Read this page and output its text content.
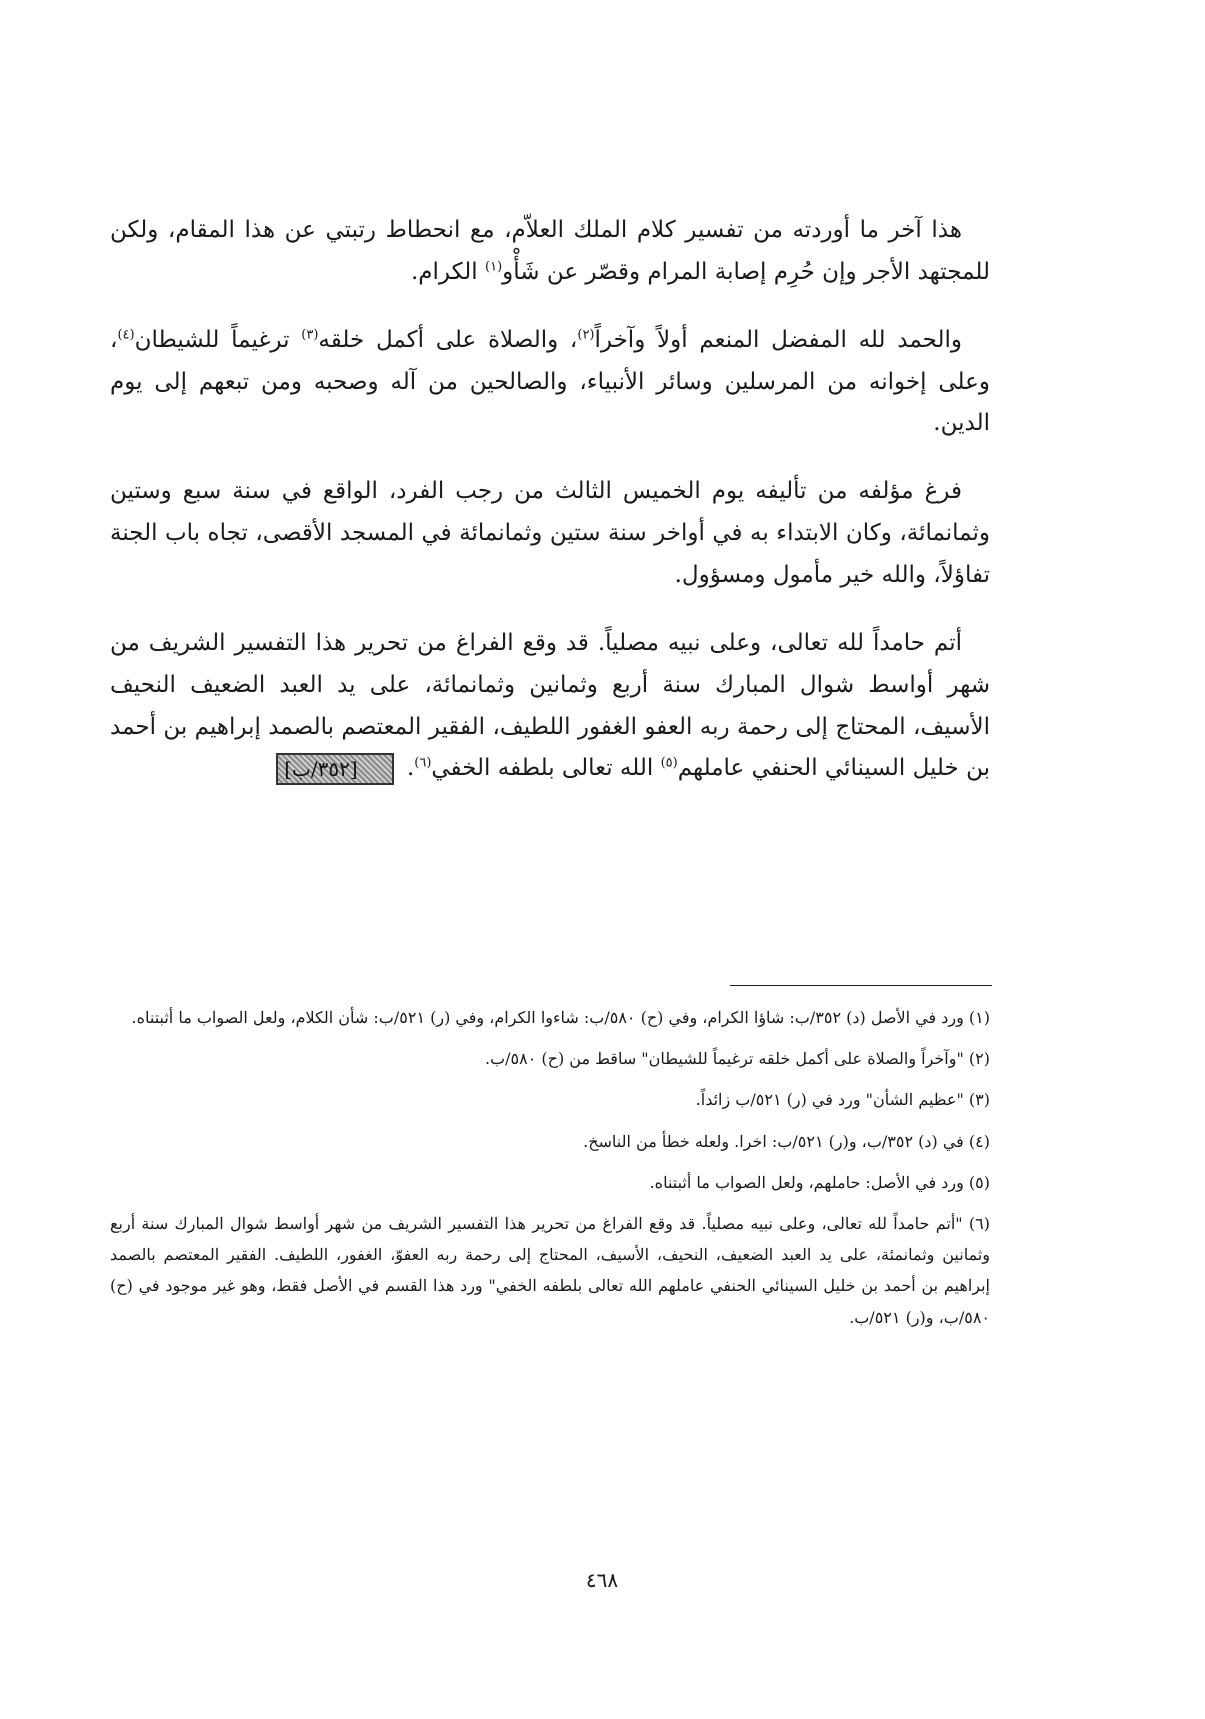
هذا آخر ما أوردته من تفسير كلام الملك العلاّم، مع انحطاط رتبتي عن هذا المقام، ولكن للمجتهد الأجر وإن حُرِم إصابة المرام وقصّر عن شَأْو$^{(١)}$ الكرام.

والحمد لله المفضل المنعم أولاً وآخراً$^{(٢)}$، والصلاة على أكمل خلقه$^{(٣)}$ ترغيماً للشيطان$^{(٤)}$، وعلى إخوانه من المرسلين وسائر الأنبياء، والصالحين من آله وصحبه ومن تبعهم إلى يوم الدين.

فرغ مؤلفه من تأليفه يوم الخميس الثالث من رجب الفرد، الواقع في سنة سبع وستين وثمانمائة، وكان الابتداء به في أواخر سنة ستين وثمانمائة في المسجد الأقصى، تجاه باب الجنة تفاؤلاً، والله خير مأمول ومسؤول.

أتم حامداً لله تعالى، وعلى نبيه مصلياً. قد وقع الفراغ من تحرير هذا التفسير الشريف من شهر أواسط شوال المبارك سنة أربع وثمانين وثمانمائة، على يد العبد الضعيف النحيف الأسيف، المحتاج إلى رحمة ربه العفو الغفور اللطيف، الفقير المعتصم بالصمد إبراهيم بن أحمد بن خليل السينائي الحنفي عاملهم$^{(٥)}$ الله تعالى بلطفه الخفي$^{(٦)}$. [٣٥٢/ب]

(١) ورد في الأصل (د) ٣٥٢/ب: شاؤا الكرام، وفي (ح) ٥٨٠/ب: شاءوا الكرام، وفي (ر) ٥٢١/ب: شأن الكلام، ولعل الصواب ما أثبتناه.

(٢) "وآخراً والصلاة على أكمل خلقه ترغيماً للشيطان" ساقط من (ح) ٥٨٠/ب.

(٣) "عظيم الشأن" ورد في (ر) ٥٢١/ب زائداً.

(٤) في (د) ٣٥٢/ب، و(ر) ٥٢١/ب: اخرا. ولعله خطأ من الناسخ.

(٥) ورد في الأصل: حاملهم، ولعل الصواب ما أثبتناه.

(٦) "أتم حامداً لله تعالى، وعلى نبيه مصلياً. قد وقع الفراغ من تحرير هذا التفسير الشريف من شهر أواسط شوال المبارك سنة أربع وثمانين وثمانمئة، على يد العبد الضعيف، النحيف، الأسيف، المحتاج إلى رحمة ربه العفوّ، الغفور، اللطيف. الفقير المعتصم بالصمد إبراهيم بن أحمد بن خليل السينائي الحنفي عاملهم الله تعالى بلطفه الخفي" ورد هذا القسم في الأصل فقط، وهو غير موجود في (ح) ٥٨٠/ب، و(ر) ٥٢١/ب.

٤٦٨
